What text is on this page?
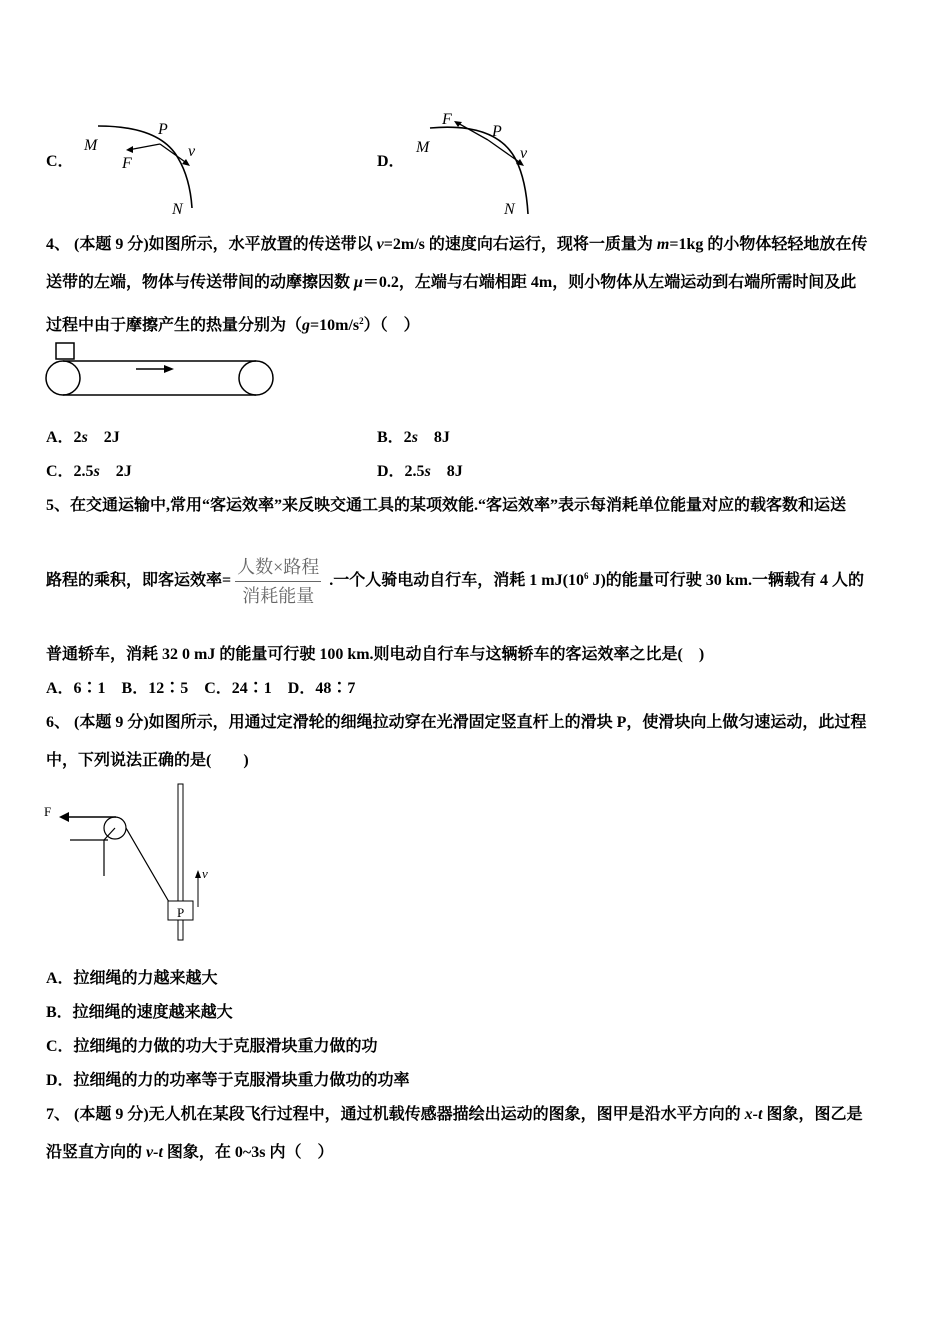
C．
M
P
F
v
N
D．
M
F
P
v
N
4、 (本题 9 分)如图所示，水平放置的传送带以 v=2m/s 的速度向右运行，现将一质量为 m=1kg 的小物体轻轻地放在传
送带的左端，物体与传送带间的动摩擦因数 μ＝0.2，左端与右端相距 4m，则小物体从左端运动到右端所需时间及此
过程中由于摩擦产生的热量分别为$(g=10m/s^2)$（　）
A．2s　2J	B．2s　8J
C．2.5s　2J	D．2.5s　8J
5、在交通运输中,常用“客运效率”来反映交通工具的某项效能.“客运效率”表示每消耗单位能量对应的载客数和运送
路程的乘积，即客运效率= $\frac{\text{人数×路程}}{\text{消耗能量}}$ .一个人骑电动自行车，消耗 1 $mJ(10^6$ J)的能量可行驶 30 km.一辆载有 4 人的
普通轿车，消耗 32 0 mJ 的能量可行驶 100 km.则电动自行车与这辆轿车的客运效率之比是(　)
A．6∶1　B．12∶5　C．24∶1　D．48∶7
6、 (本题 9 分)如图所示，用通过定滑轮的细绳拉动穿在光滑固定竖直杆上的滑块 P，使滑块向上做匀速运动，此过程
中，下列说法正确的是(　　)
F
v
P
A．拉细绳的力越来越大
B．拉细绳的速度越来越大
C．拉细绳的力做的功大于克服滑块重力做的功
D．拉细绳的力的功率等于克服滑块重力做功的功率
7、 (本题 9 分)无人机在某段飞行过程中，通过机载传感器描绘出运动的图象，图甲是沿水平方向的 x-t 图象，图乙是
沿竖直方向的 v-t 图象，在 0~3s 内（　）
